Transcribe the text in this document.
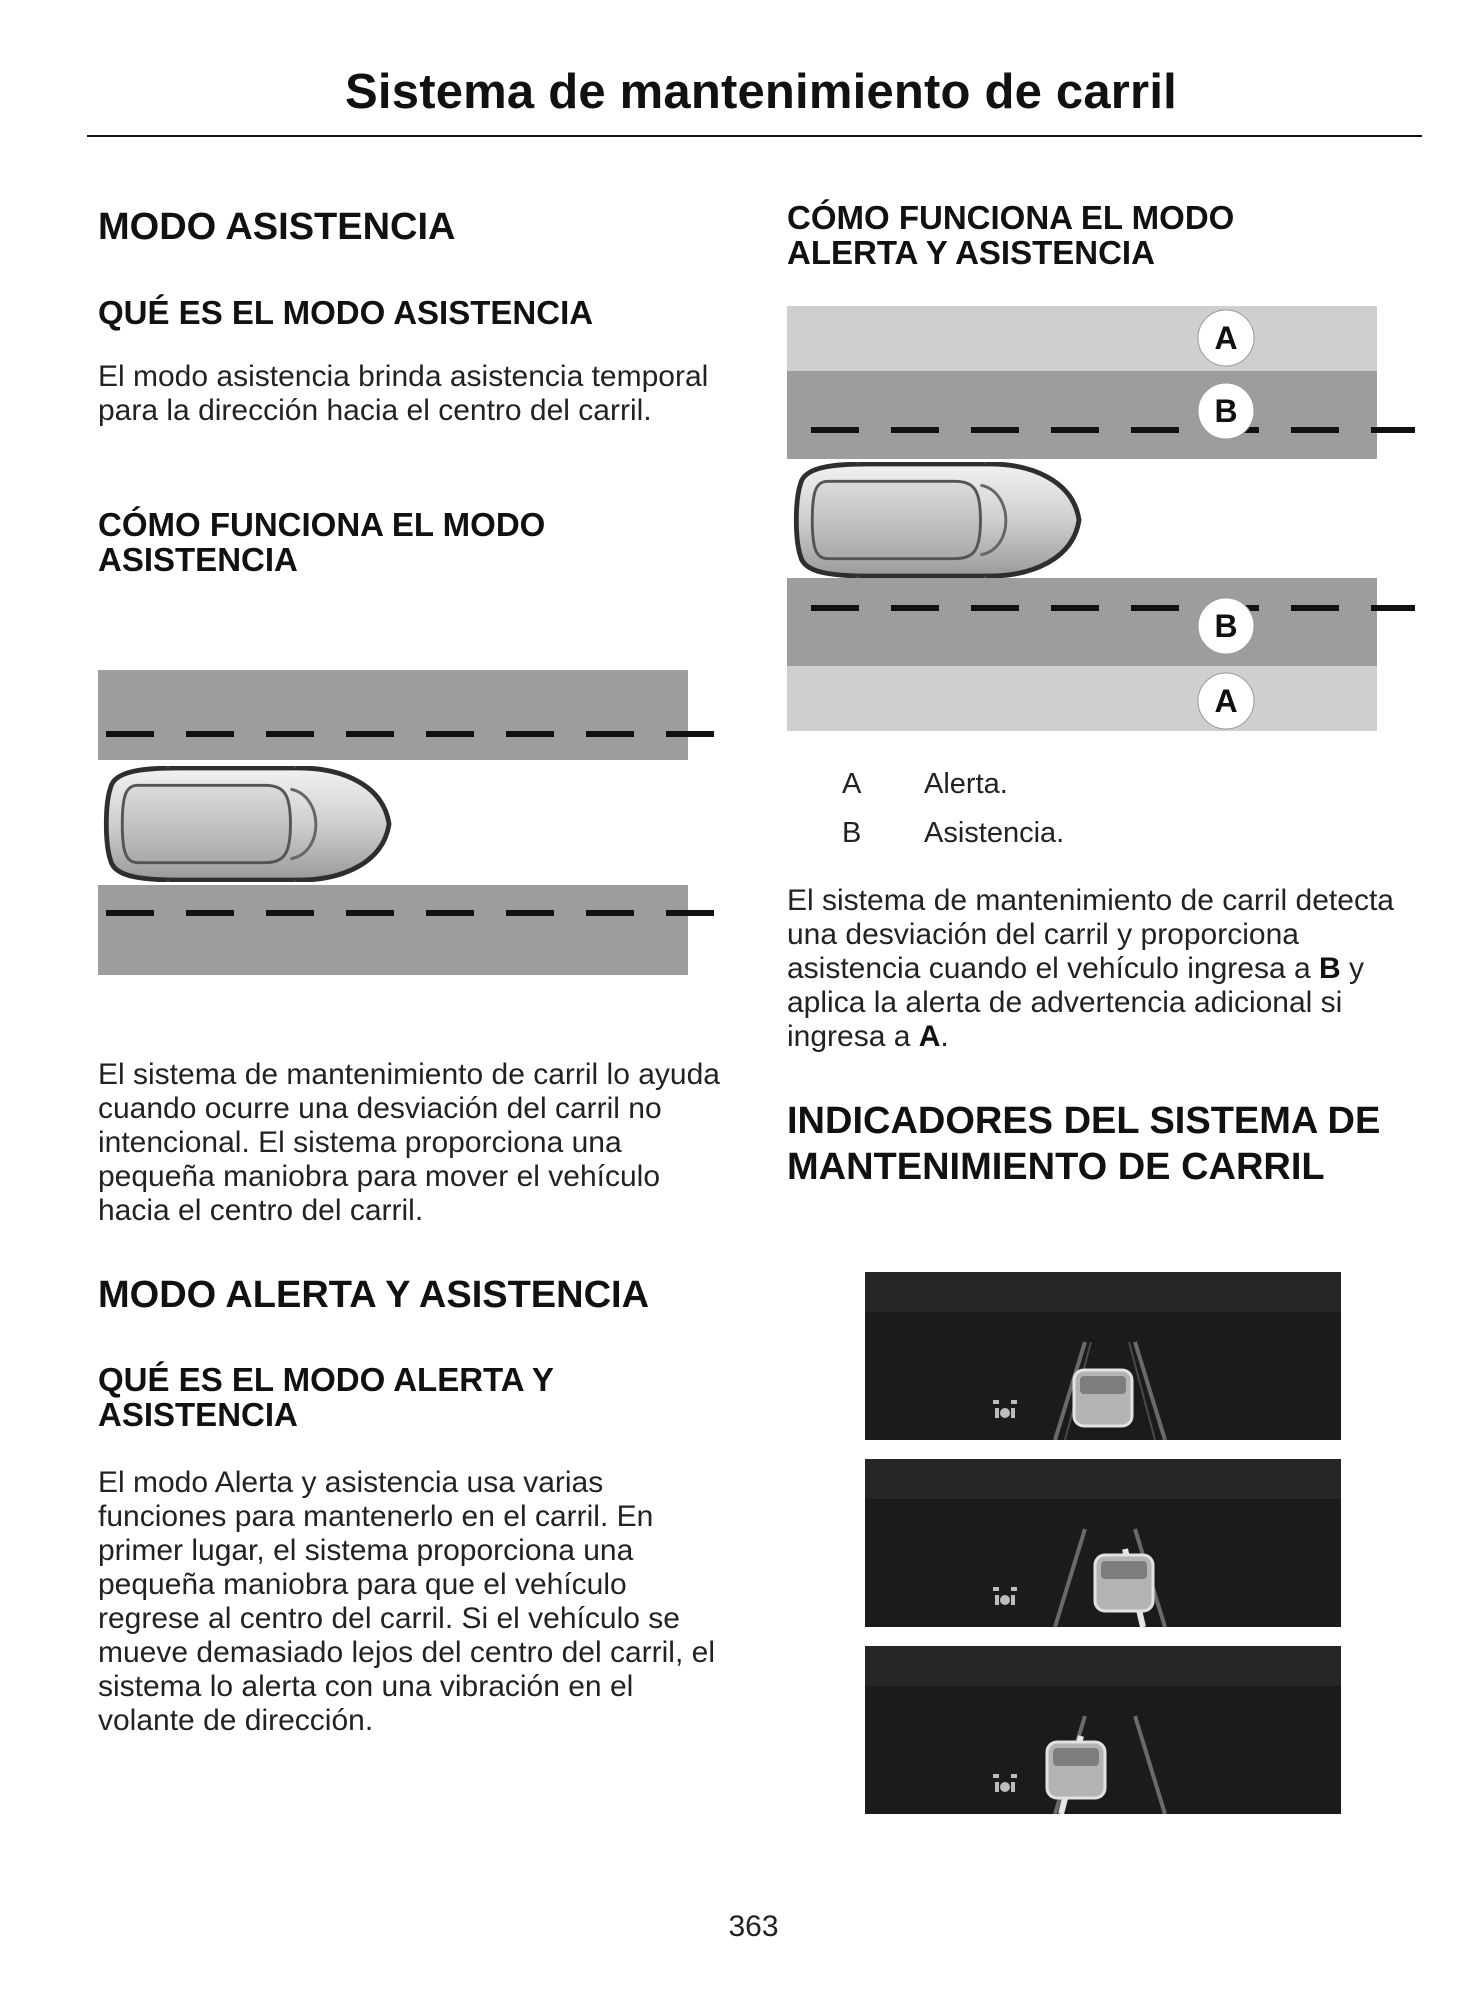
Sistema de mantenimiento de carril
MODO ASISTENCIA
QUÉ ES EL MODO ASISTENCIA
El modo asistencia brinda asistencia temporal para la dirección hacia el centro del carril.
CÓMO FUNCIONA EL MODO ASISTENCIA
El sistema de mantenimiento de carril lo ayuda cuando ocurre una desviación del carril no intencional. El sistema proporciona una pequeña maniobra para mover el vehículo hacia el centro del carril.
MODO ALERTA Y ASISTENCIA
QUÉ ES EL MODO ALERTA Y ASISTENCIA
El modo Alerta y asistencia usa varias funciones para mantenerlo en el carril. En primer lugar, el sistema proporciona una pequeña maniobra para que el vehículo regrese al centro del carril. Si el vehículo se mueve demasiado lejos del centro del carril, el sistema lo alerta con una vibración en el volante de dirección.
CÓMO FUNCIONA EL MODO ALERTA Y ASISTENCIA
A
B
B
A
A Alerta.
B Asistencia.
El sistema de mantenimiento de carril detecta una desviación del carril y proporciona asistencia cuando el vehículo ingresa a B y aplica la alerta de advertencia adicional si ingresa a A.
INDICADORES DEL SISTEMA DE MANTENIMIENTO DE CARRIL
363
